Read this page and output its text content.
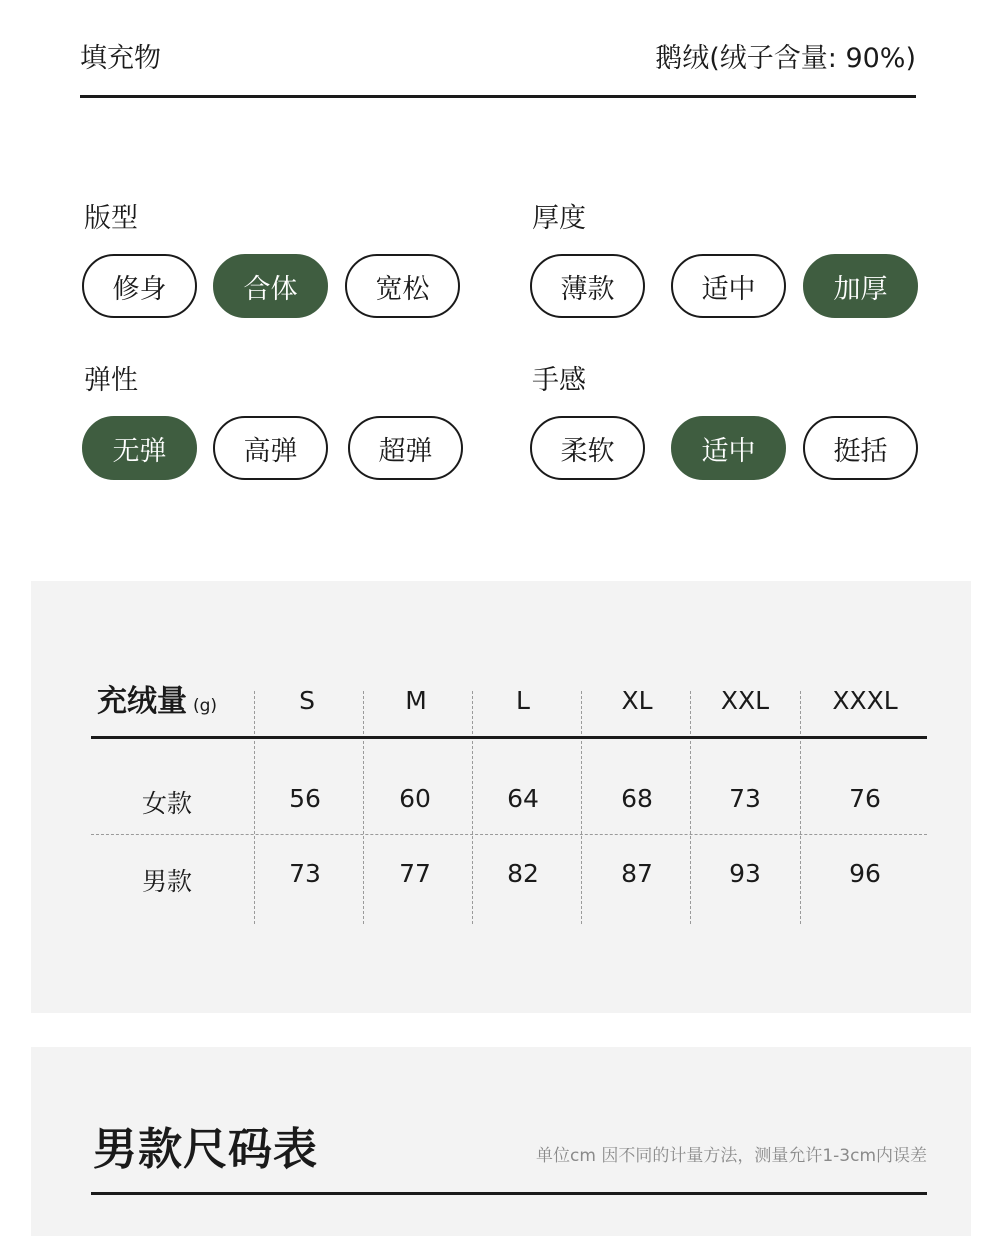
填充物	鹅绒(绒子含量: 90%)
版型
修身	合体	宽松
厚度
薄款	适中	加厚
弹性
无弹	高弹	超弹
手感
柔软	适中	挺括
充绒量 (g)	S	M	L	XL	XXL	XXXL
女款	56	60	64	68	73	76
男款	73	77	82	87	93	96
男款尺码表	单位cm 因不同的计量方法，测量允许1-3cm内误差
